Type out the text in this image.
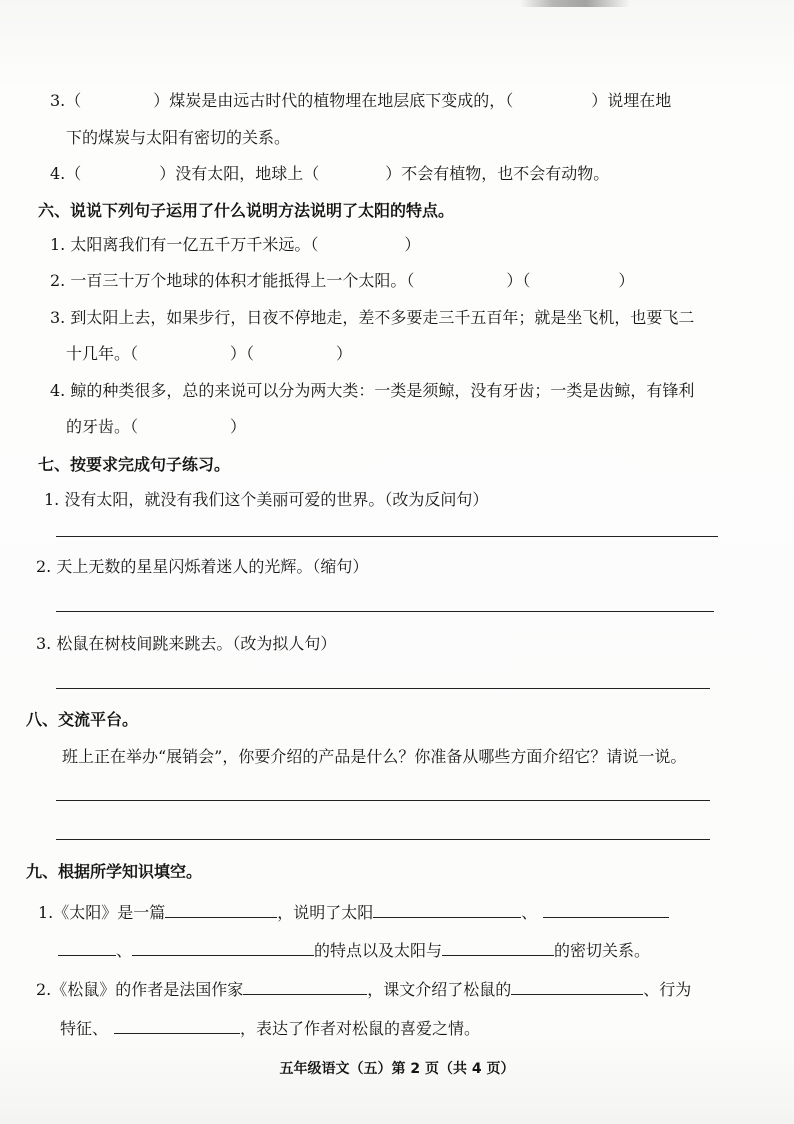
3.（	）煤炭是由远古时代的植物埋在地层底下变成的，（	）说埋在地
下的煤炭与太阳有密切的关系。
4.（	）没有太阳，地球上（	）不会有植物，也不会有动物。
六、说说下列句子运用了什么说明方法说明了太阳的特点。
1. 太阳离我们有一亿五千万千米远。（	）
2. 一百三十万个地球的体积才能抵得上一个太阳。（	）（	）
3. 到太阳上去，如果步行，日夜不停地走，差不多要走三千五百年；就是坐飞机，也要飞二
十几年。（	）（	）
4. 鲸的种类很多，总的来说可以分为两大类：一类是须鲸，没有牙齿；一类是齿鲸，有锋利
的牙齿。（	）
七、按要求完成句子练习。
1. 没有太阳，就没有我们这个美丽可爱的世界。（改为反问句）
2. 天上无数的星星闪烁着迷人的光辉。（缩句）
3. 松鼠在树枝间跳来跳去。（改为拟人句）
八、交流平台。
班上正在举办“展销会”，你要介绍的产品是什么？你准备从哪些方面介绍它？请说一说。
九、根据所学知识填空。
1.《太阳》是一篇	，说明了太阳	、
、	的特点以及太阳与	的密切关系。
2.《松鼠》的作者是法国作家	，课文介绍了松鼠的	、行为
特征、	，表达了作者对松鼠的喜爱之情。
五年级语文（五）第 2 页（共 4 页）
